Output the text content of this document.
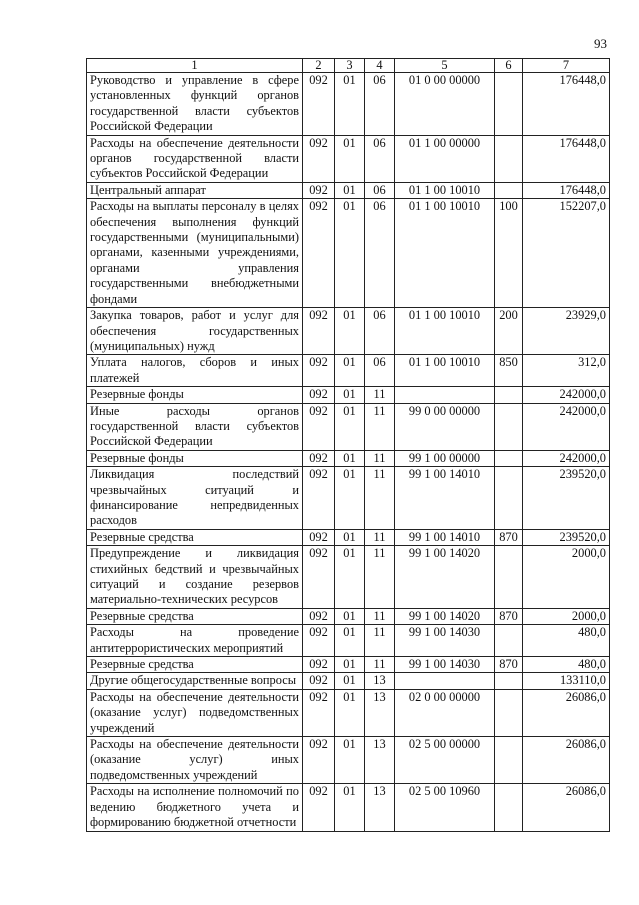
93
1	2	3	4	5	6	7
Руководство и управление в сфере установленных функций органов государственной власти субъектов Российской Федерации	092	01	06	01 0 00 00000		176448,0
Расходы на обеспечение деятельности органов государственной власти субъектов Российской Федерации	092	01	06	01 1 00 00000		176448,0
Центральный аппарат	092	01	06	01 1 00 10010		176448,0
Расходы на выплаты персоналу в целях обеспечения выполнения функций государственными (муниципальными) органами, казенными учреждениями, органами управления государственными внебюджетными фондами	092	01	06	01 1 00 10010	100	152207,0
Закупка товаров, работ и услуг для обеспечения государственных (муниципальных) нужд	092	01	06	01 1 00 10010	200	23929,0
Уплата налогов, сборов и иных платежей	092	01	06	01 1 00 10010	850	312,0
Резервные фонды	092	01	11			242000,0
Иные расходы органов государственной власти субъектов Российской Федерации	092	01	11	99 0 00 00000		242000,0
Резервные фонды	092	01	11	99 1 00 00000		242000,0
Ликвидация последствий чрезвычайных ситуаций и финансирование непредвиденных расходов	092	01	11	99 1 00 14010		239520,0
Резервные средства	092	01	11	99 1 00 14010	870	239520,0
Предупреждение и ликвидация стихийных бедствий и чрезвычайных ситуаций и создание резервов материально-технических ресурсов	092	01	11	99 1 00 14020		2000,0
Резервные средства	092	01	11	99 1 00 14020	870	2000,0
Расходы на проведение антитеррористических мероприятий	092	01	11	99 1 00 14030		480,0
Резервные средства	092	01	11	99 1 00 14030	870	480,0
Другие общегосударственные вопросы	092	01	13			133110,0
Расходы на обеспечение деятельности (оказание услуг) подведомственных учреждений	092	01	13	02 0 00 00000		26086,0
Расходы на обеспечение деятельности (оказание услуг) иных подведомственных учреждений	092	01	13	02 5 00 00000		26086,0
Расходы на исполнение полномочий по ведению бюджетного учета и формированию бюджетной отчетности	092	01	13	02 5 00 10960		26086,0
